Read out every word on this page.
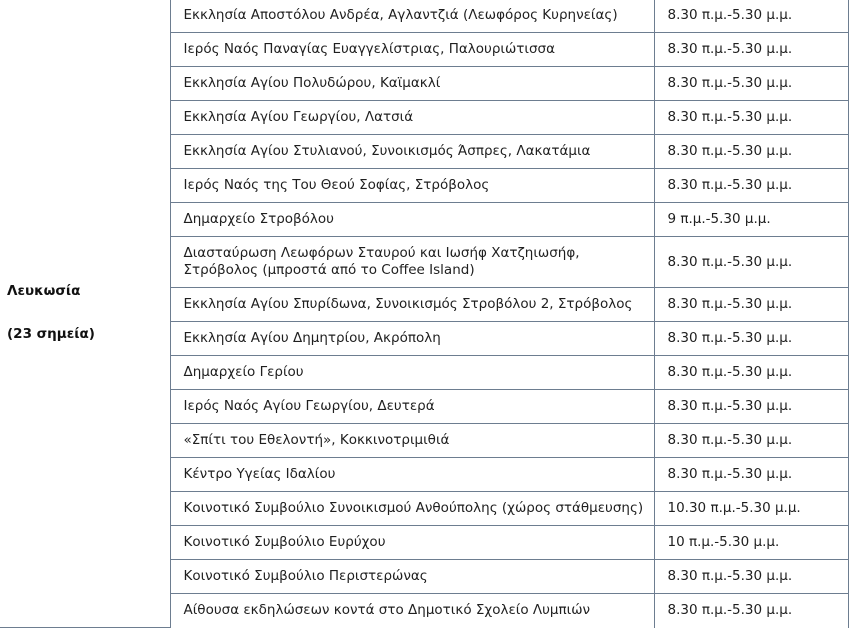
Λευκωσία

(23 σημεία)	Εκκλησία Αποστόλου Ανδρέα, Αγλαντζιά (Λεωφόρος Κυρηνείας)	8.30 π.μ.-5.30 μ.μ.
	Ιερός Ναός Παναγίας Ευαγγελίστριας, Παλουριώτισσα	8.30 π.μ.-5.30 μ.μ.
	Εκκλησία Αγίου Πολυδώρου, Καϊμακλί	8.30 π.μ.-5.30 μ.μ.
	Εκκλησία Αγίου Γεωργίου, Λατσιά	8.30 π.μ.-5.30 μ.μ.
	Εκκλησία Αγίου Στυλιανού, Συνοικισμός Άσπρες, Λακατάμια	8.30 π.μ.-5.30 μ.μ.
	Ιερός Ναός της Του Θεού Σοφίας, Στρόβολος	8.30 π.μ.-5.30 μ.μ.
	Δημαρχείο Στροβόλου	9 π.μ.-5.30 μ.μ.
	Διασταύρωση Λεωφόρων Σταυρού και Ιωσήφ Χατζηιωσήφ, Στρόβολος (μπροστά από το Coffee Island)	8.30 π.μ.-5.30 μ.μ.
	Εκκλησία Αγίου Σπυρίδωνα, Συνοικισμός Στροβόλου 2, Στρόβολος	8.30 π.μ.-5.30 μ.μ.
	Εκκλησία Αγίου Δημητρίου, Ακρόπολη	8.30 π.μ.-5.30 μ.μ.
	Δημαρχείο Γερίου	8.30 π.μ.-5.30 μ.μ.
	Ιερός Ναός Αγίου Γεωργίου, Δευτερά	8.30 π.μ.-5.30 μ.μ.
	«Σπίτι του Εθελοντή», Κοκκινοτριμιθιά	8.30 π.μ.-5.30 μ.μ.
	Κέντρο Υγείας Ιδαλίου	8.30 π.μ.-5.30 μ.μ.
	Κοινοτικό Συμβούλιο Συνοικισμού Ανθούπολης (χώρος στάθμευσης)	10.30 π.μ.-5.30 μ.μ.
	Κοινοτικό Συμβούλιο Ευρύχου	10 π.μ.-5.30 μ.μ.
	Κοινοτικό Συμβούλιο Περιστερώνας	8.30 π.μ.-5.30 μ.μ.
	Αίθουσα εκδηλώσεων κοντά στο Δημοτικό Σχολείο Λυμπιών	8.30 π.μ.-5.30 μ.μ.
